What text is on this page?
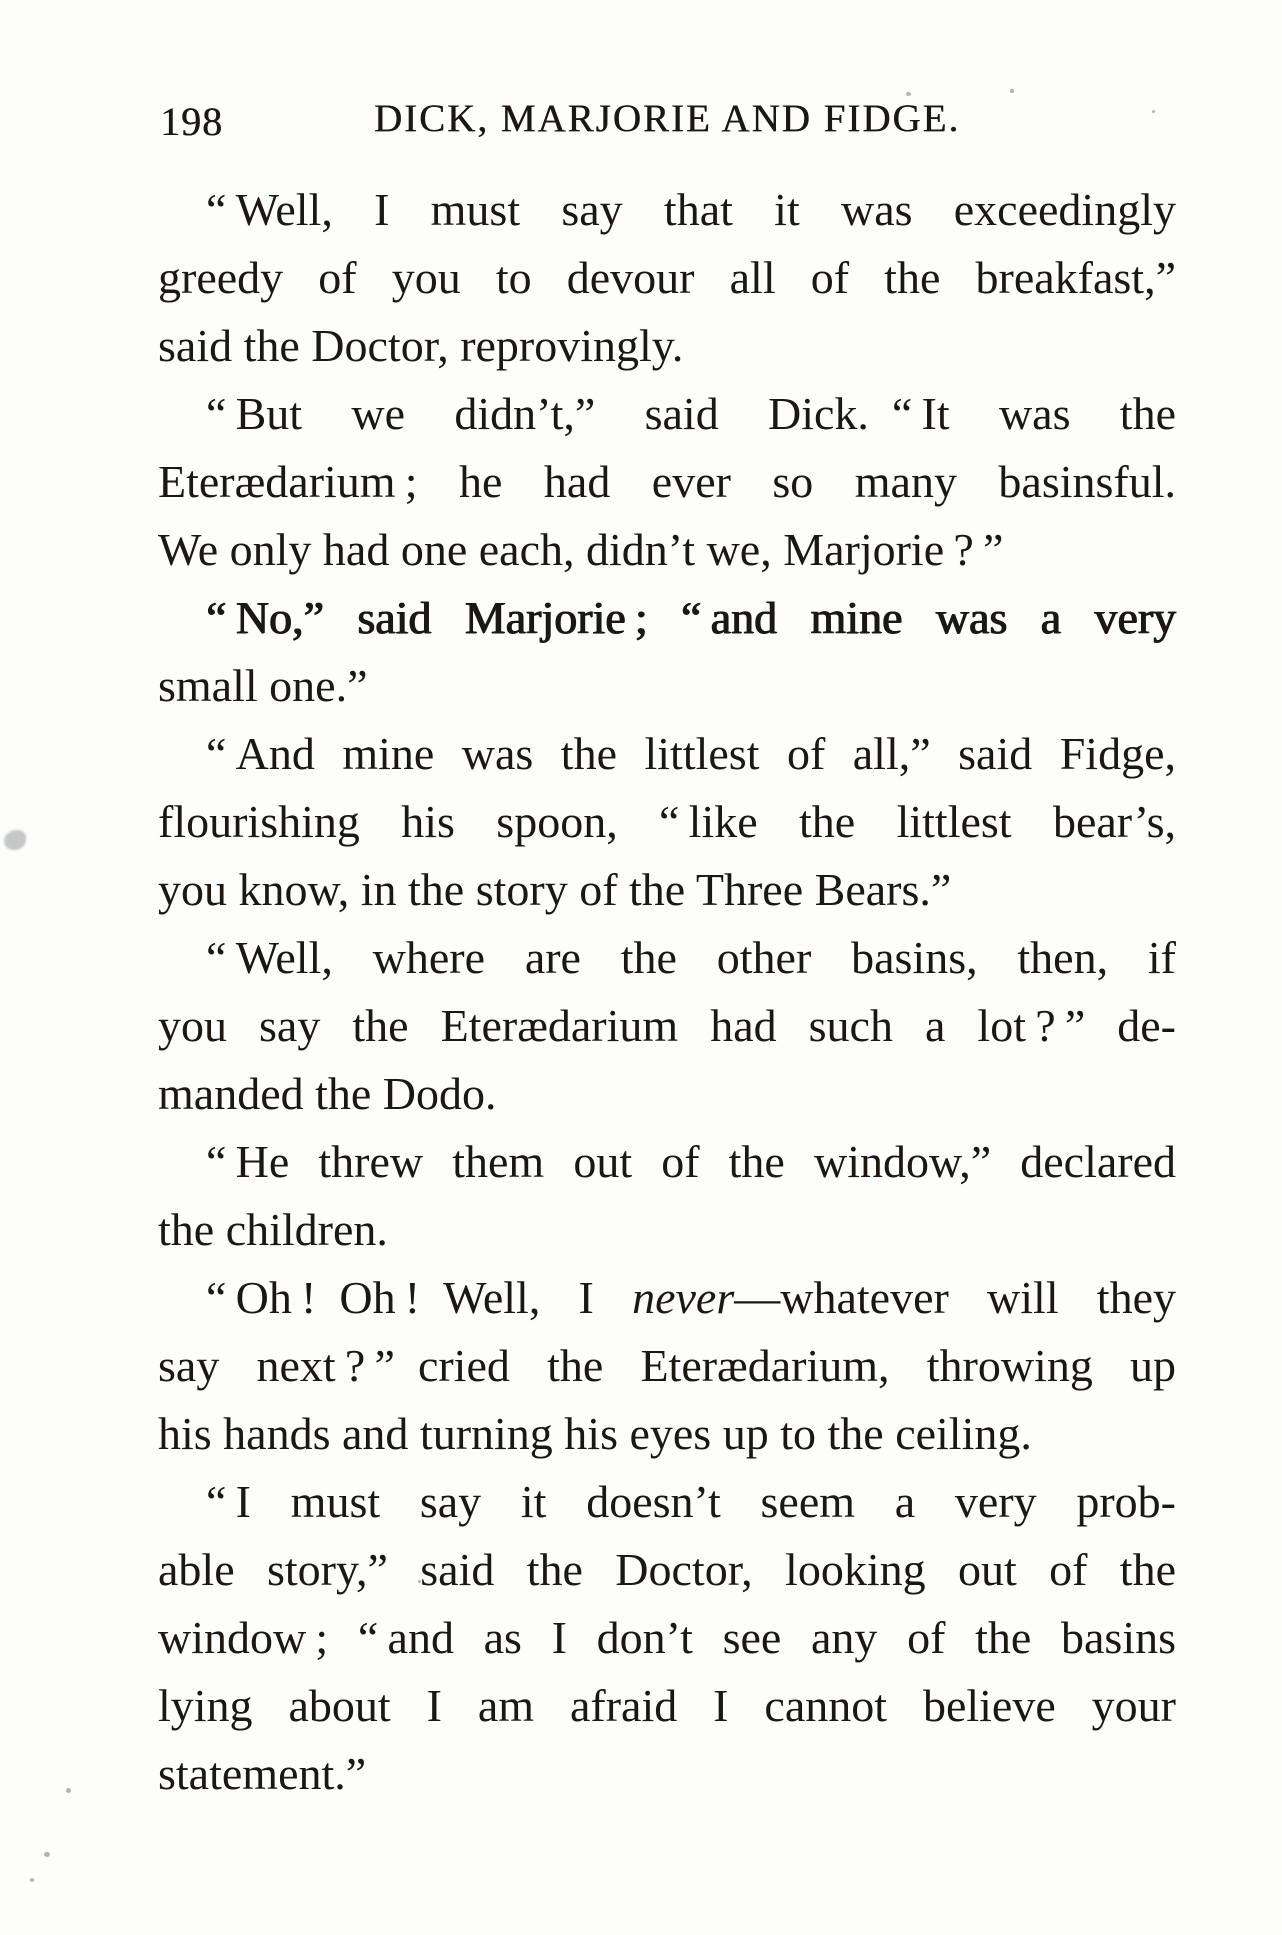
198	DICK, MARJORIE AND FIDGE.
“ Well, I must say that it was exceedingly
greedy of you to devour all of the breakfast,”
said the Doctor, reprovingly.
“ But we didn’t,” said Dick. “ It was the
Eterædarium ; he had ever so many basinsful.
We only had one each, didn’t we, Marjorie ? ”
“ No,” said Marjorie ; “ and mine was a very
small one.”
“ And mine was the littlest of all,” said Fidge,
flourishing his spoon, “ like the littlest bear’s,
you know, in the story of the Three Bears.”
“ Well, where are the other basins, then, if
you say the Eterædarium had such a lot ? ” de-
manded the Dodo.
“ He threw them out of the window,” declared
the children.
“ Oh ! Oh ! Well, I never—whatever will they
say next ? ” cried the Eterædarium, throwing up
his hands and turning his eyes up to the ceiling.
“ I must say it doesn’t seem a very prob-
able story,” said the Doctor, looking out of the
window ; “ and as I don’t see any of the basins
lying about I am afraid I cannot believe your
statement.”
